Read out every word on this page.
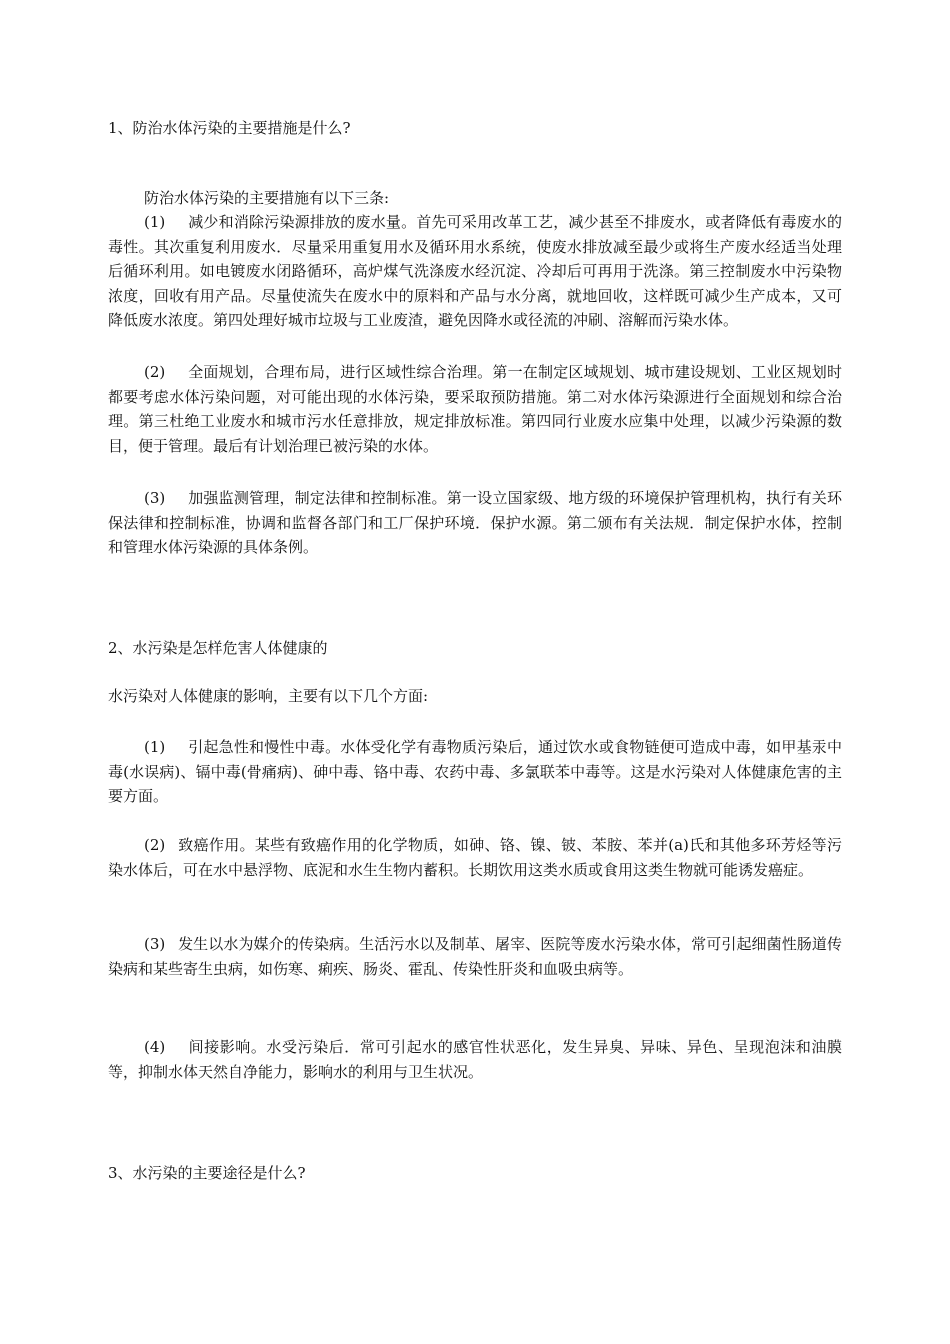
1、防治水体污染的主要措施是什么?

防治水体污染的主要措施有以下三条:

(1) 减少和消除污染源排放的废水量。首先可采用改革工艺，减少甚至不排废水，或者降低有毒废水的毒性。其次重复利用废水．尽量采用重复用水及循环用水系统，使废水排放减至最少或将生产废水经适当处理后循环利用。如电镀废水闭路循环，高炉煤气洗涤废水经沉淀、冷却后可再用于洗涤。第三控制废水中污染物浓度，回收有用产品。尽量使流失在废水中的原料和产品与水分离，就地回收，这样既可减少生产成本，又可降低废水浓度。第四处理好城市垃圾与工业废渣，避免因降水或径流的冲刷、溶解而污染水体。

(2) 全面规划，合理布局，进行区域性综合治理。第一在制定区域规划、城市建设规划、工业区规划时都要考虑水体污染问题，对可能出现的水体污染，要采取预防措施。第二对水体污染源进行全面规划和综合治理。第三杜绝工业废水和城市污水任意排放，规定排放标准。第四同行业废水应集中处理，以减少污染源的数目，便于管理。最后有计划治理已被污染的水体。

(3) 加强监测管理，制定法律和控制标准。第一设立国家级、地方级的环境保护管理机构，执行有关环保法律和控制标准，协调和监督各部门和工厂保护环境．保护水源。第二颁布有关法规．制定保护水体，控制和管理水体污染源的具体条例。

2、水污染是怎样危害人体健康的

水污染对人体健康的影响，主要有以下几个方面:

(1) 引起急性和慢性中毒。水体受化学有毒物质污染后，通过饮水或食物链便可造成中毒，如甲基汞中毒(水误病)、镉中毒(骨痛病)、砷中毒、铬中毒、农药中毒、多氯联苯中毒等。这是水污染对人体健康危害的主要方面。

(2) 致癌作用。某些有致癌作用的化学物质，如砷、铬、镍、铍、苯胺、苯并(a)氏和其他多环芳烃等污染水体后，可在水中悬浮物、底泥和水生生物内蓄积。长期饮用这类水质或食用这类生物就可能诱发癌症。

(3) 发生以水为媒介的传染病。生活污水以及制革、屠宰、医院等废水污染水体，常可引起细菌性肠道传染病和某些寄生虫病，如伤寒、痢疾、肠炎、霍乱、传染性肝炎和血吸虫病等。

(4) 间接影响。水受污染后．常可引起水的感官性状恶化，发生异臭、异味、异色、呈现泡沫和油膜等，抑制水体天然自净能力，影响水的利用与卫生状况。

3、水污染的主要途径是什么?
